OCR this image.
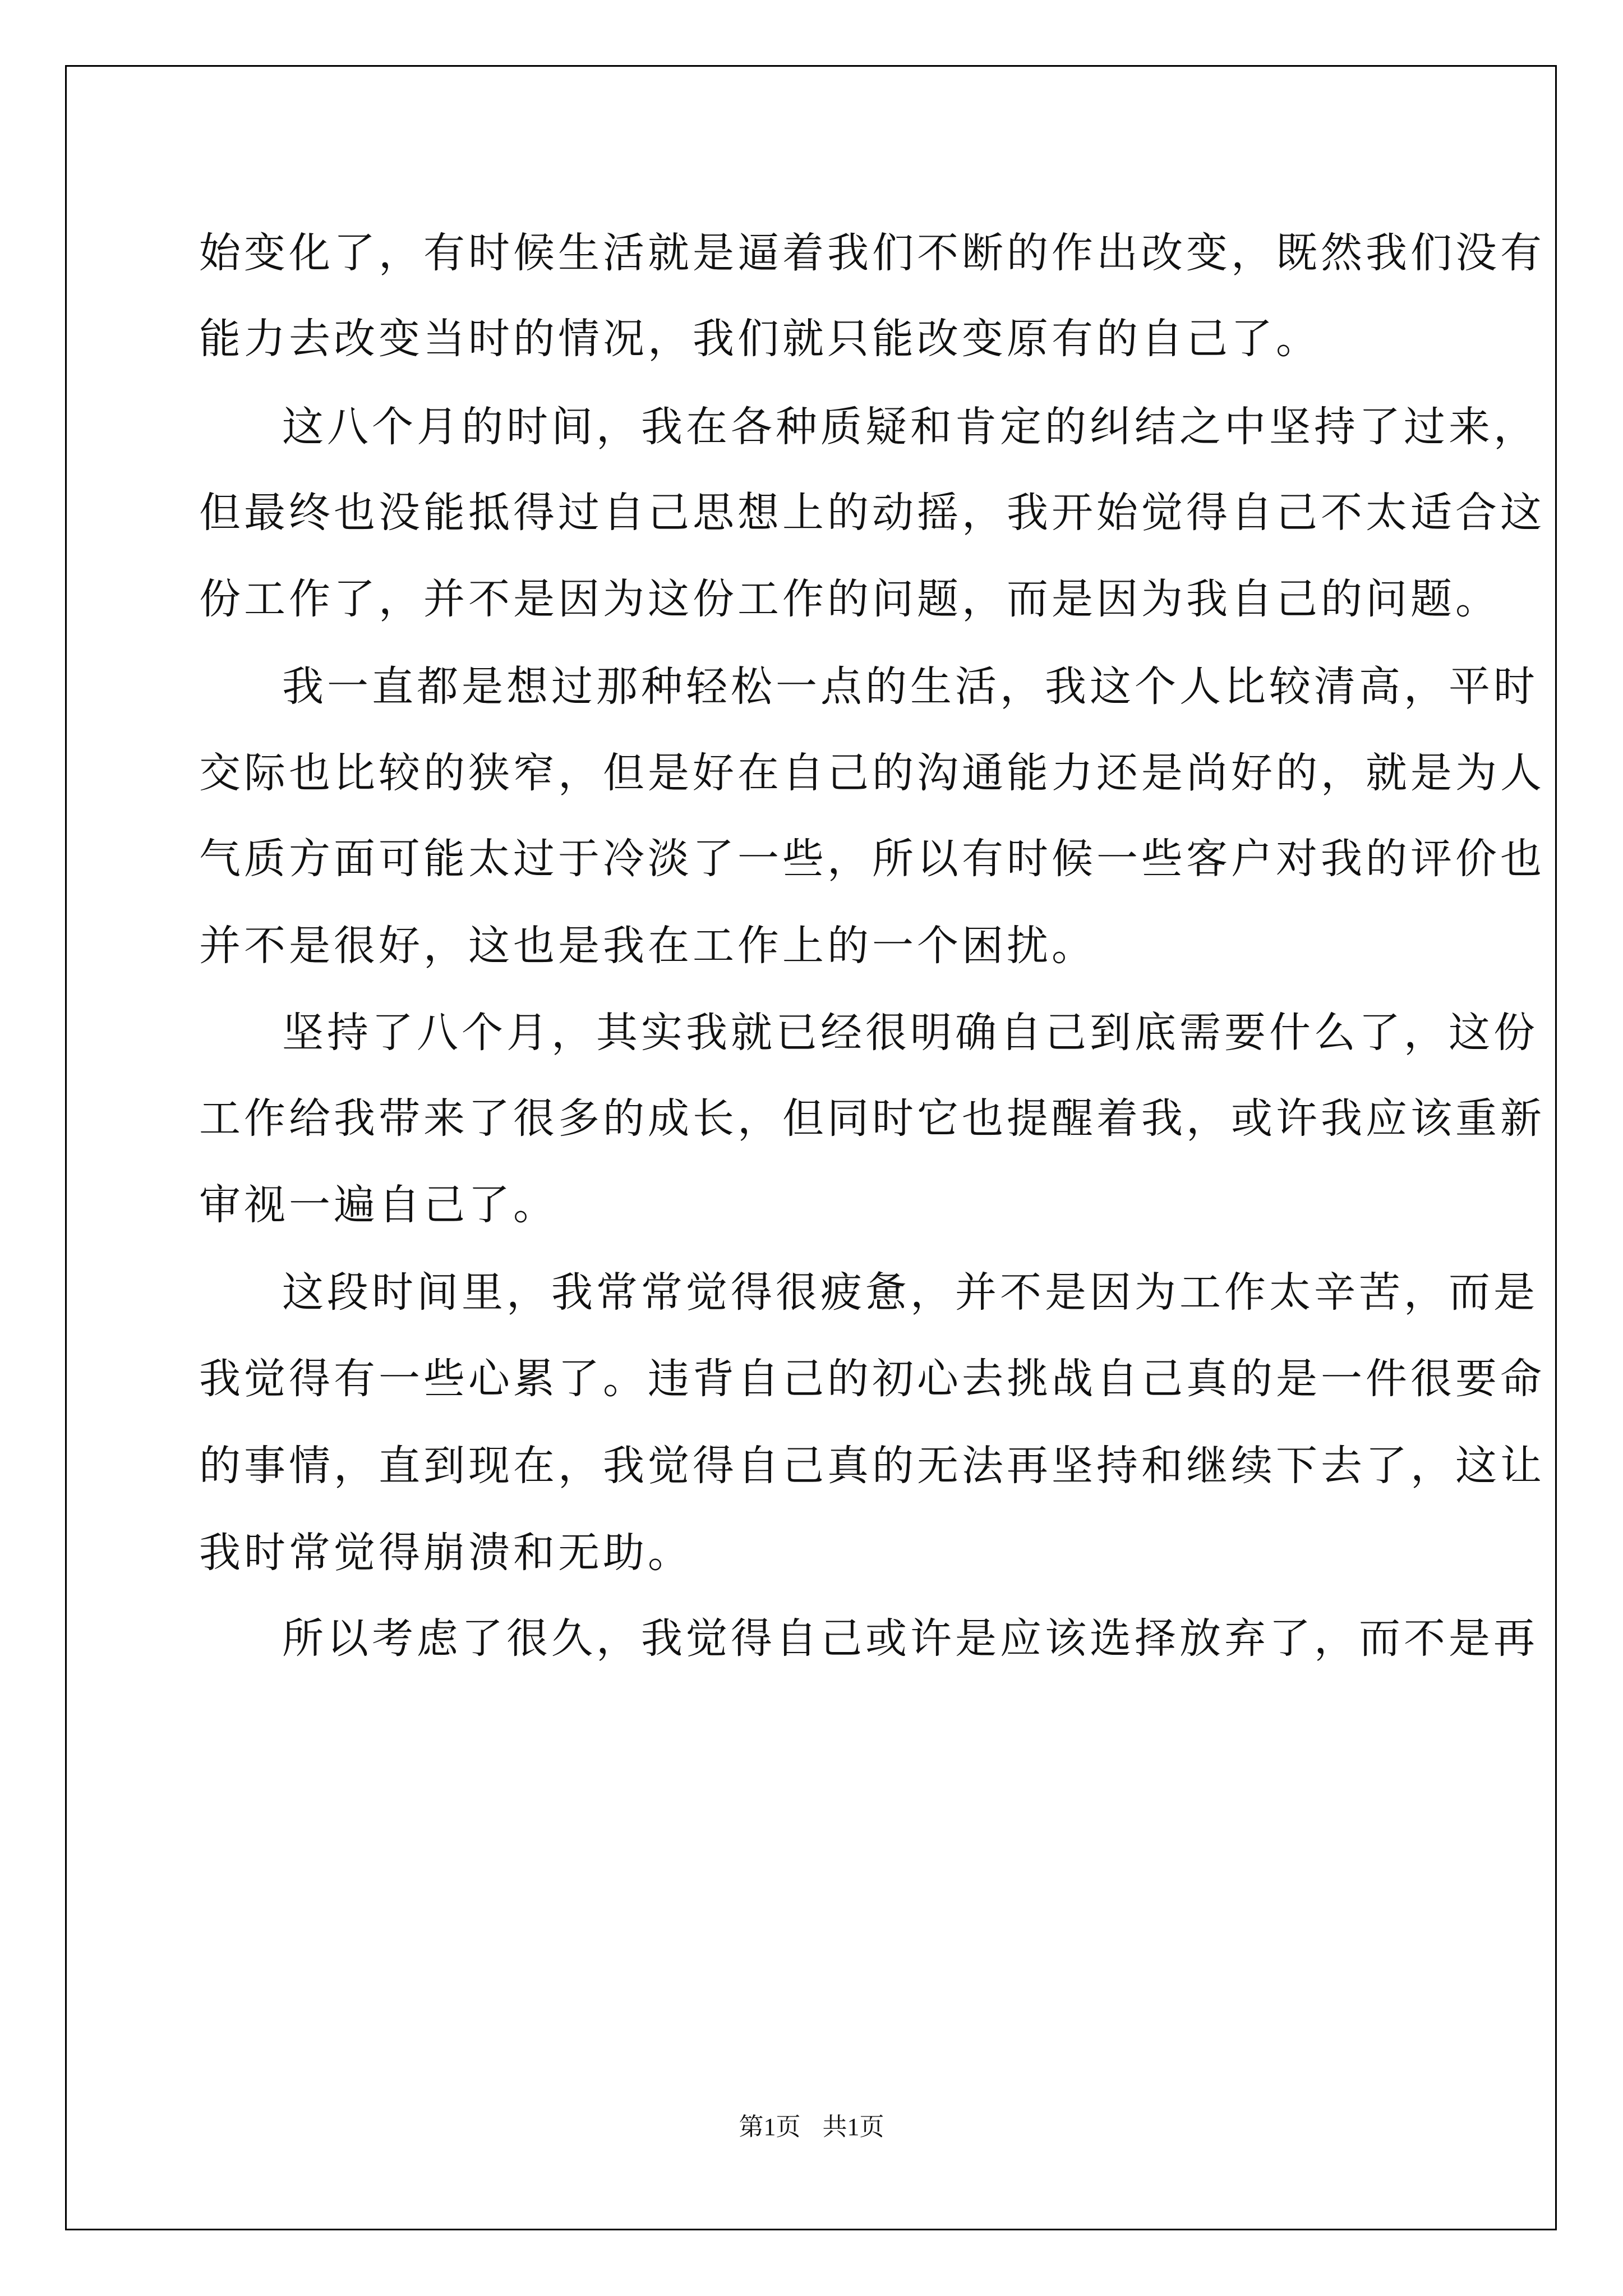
始变化了，有时候生活就是逼着我们不断的作出改变，既然我们没有
能力去改变当时的情况，我们就只能改变原有的自己了。
这八个月的时间，我在各种质疑和肯定的纠结之中坚持了过来，
但最终也没能抵得过自己思想上的动摇，我开始觉得自己不太适合这
份工作了，并不是因为这份工作的问题，而是因为我自己的问题。
我一直都是想过那种轻松一点的生活，我这个人比较清高，平时
交际也比较的狭窄，但是好在自己的沟通能力还是尚好的，就是为人
气质方面可能太过于冷淡了一些，所以有时候一些客户对我的评价也
并不是很好，这也是我在工作上的一个困扰。
坚持了八个月，其实我就已经很明确自己到底需要什么了，这份
工作给我带来了很多的成长，但同时它也提醒着我，或许我应该重新
审视一遍自己了。
这段时间里，我常常觉得很疲惫，并不是因为工作太辛苦，而是
我觉得有一些心累了。违背自己的初心去挑战自己真的是一件很要命
的事情，直到现在，我觉得自己真的无法再坚持和继续下去了，这让
我时常觉得崩溃和无助。
所以考虑了很久，我觉得自己或许是应该选择放弃了，而不是再
第1页 共1页
